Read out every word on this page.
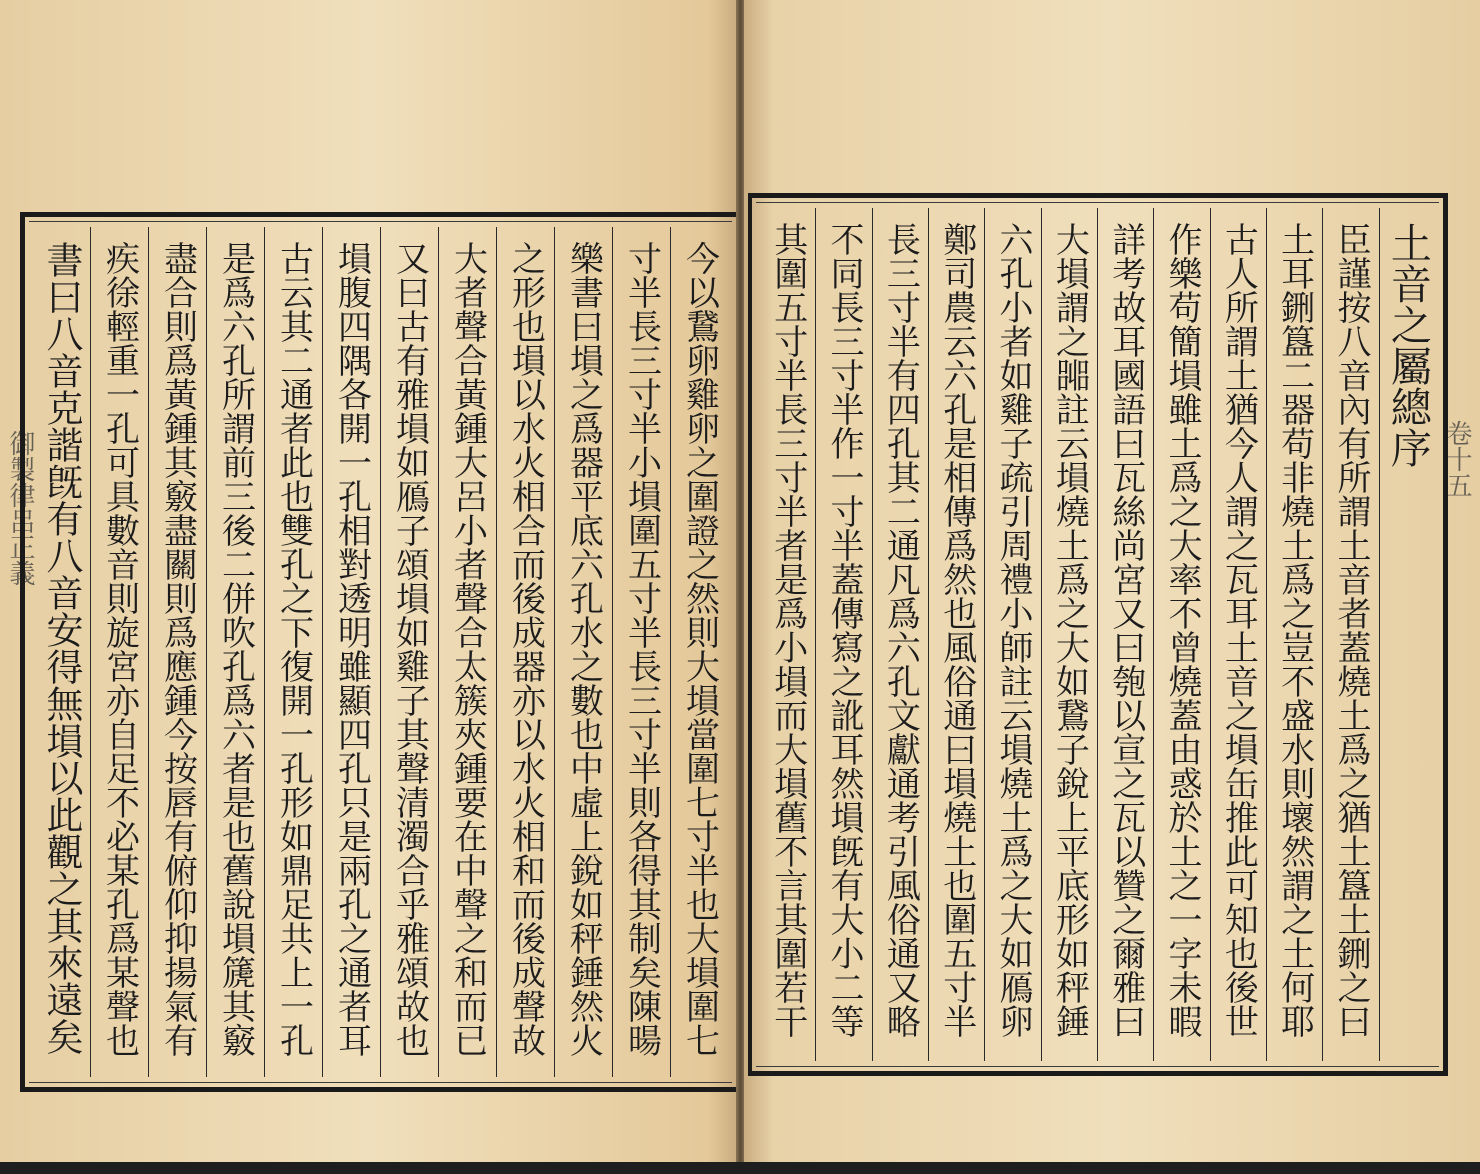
御製律呂正義	今以鵞卵雞卵之圍證之然則大塤當圍七寸半也大塤圍七
寸半長三寸半小塤圍五寸半長三寸半則各得其制矣陳暘
樂書曰塤之爲器平底六孔水之數也中虛上銳如秤錘然火
之形也塤以水火相合而後成器亦以水火相和而後成聲故
大者聲合黃鍾大呂小者聲合太簇夾鍾要在中聲之和而已
又曰古有雅塤如鴈子頌塤如雞子其聲清濁合乎雅頌故也
塤腹四隅各開一孔相對透明雖顯四孔只是兩孔之通者耳
古云其二通者此也雙孔之下復開一孔形如鼎足共上一孔
是爲六孔所謂前三後二併吹孔爲六者是也舊說塤篪其竅
盡合則爲黃鍾其竅盡關則爲應鍾今按唇有俯仰抑揚氣有
疾徐輕重一孔可具數音則旋宮亦自足不必某孔爲某聲也
書曰八音克諧旣有八音安得無塤以此觀之其來遠矣	卷十五
土音之屬總序
臣謹按八音內有所謂土音者蓋燒土爲之猶土簋土鉶之曰
土耳鉶簋二器苟非燒土爲之豈不盛水則壞然謂之土何耶
古人所謂土猶今人謂之瓦耳土音之塤缶推此可知也後世
作樂苟簡塤雖土爲之大率不曾燒蓋由惑於土之一字未暇
詳考故耳國語曰瓦絲尚宮又曰匏以宣之瓦以贊之爾雅曰
大塤謂之嘂註云塤燒土爲之大如鵞子銳上平底形如秤錘
六孔小者如雞子疏引周禮小師註云塤燒土爲之大如鴈卵
鄭司農云六孔是相傳爲然也風俗通曰塤燒土也圍五寸半
長三寸半有四孔其二通凡爲六孔文獻通考引風俗通又略
不同長三寸半作一寸半蓋傳寫之訛耳然塤旣有大小二等
其圍五寸半長三寸半者是爲小塤而大塤舊不言其圍若干
